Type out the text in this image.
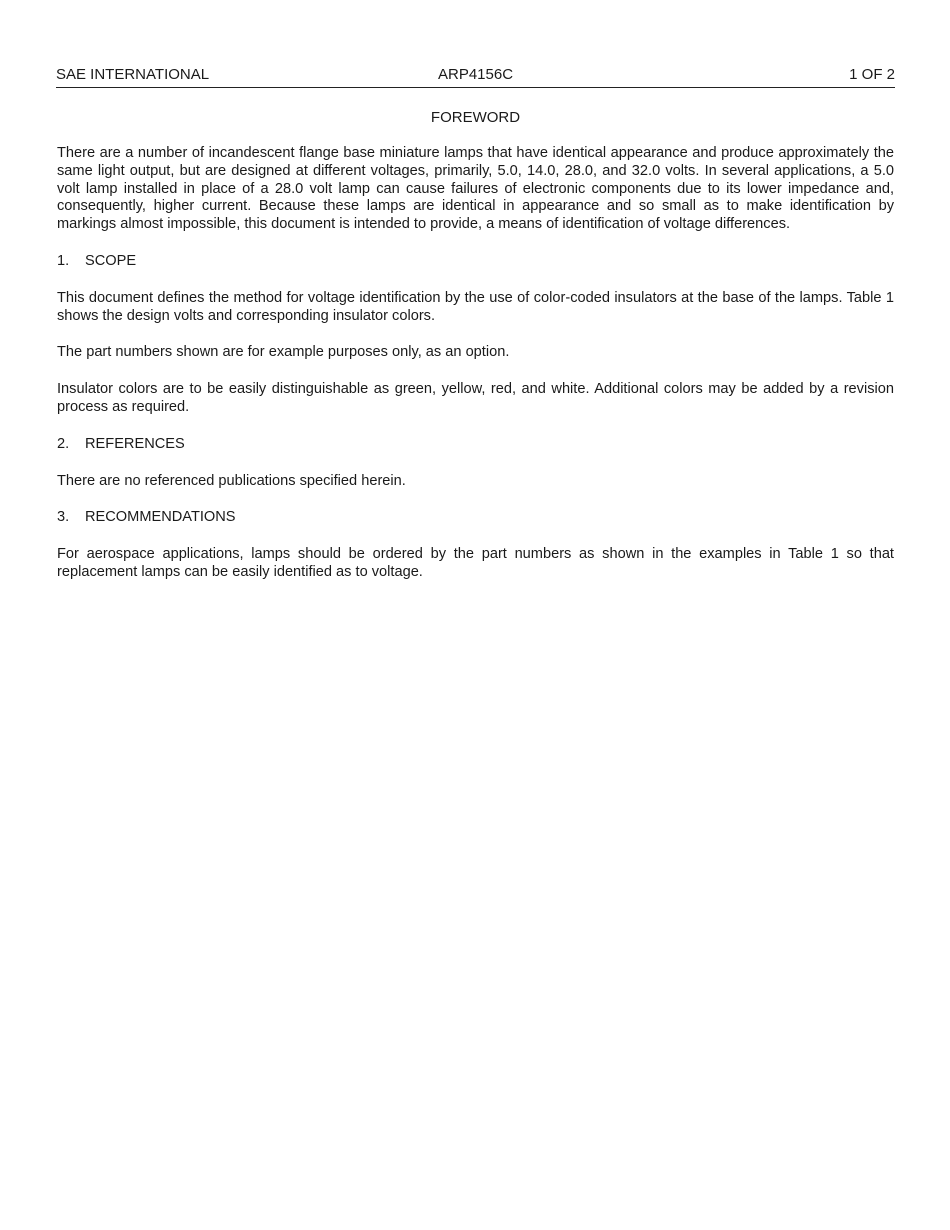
SAE INTERNATIONAL	ARP4156C	1 OF 2
FOREWORD

There are a number of incandescent flange base miniature lamps that have identical appearance and produce approximately the same light output, but are designed at different voltages, primarily, 5.0, 14.0, 28.0, and 32.0 volts. In several applications, a 5.0 volt lamp installed in place of a 28.0 volt lamp can cause failures of electronic components due to its lower impedance and, consequently, higher current. Because these lamps are identical in appearance and so small as to make identification by markings almost impossible, this document is intended to provide, a means of identification of voltage differences.

1. SCOPE

This document defines the method for voltage identification by the use of color-coded insulators at the base of the lamps. Table 1 shows the design volts and corresponding insulator colors.

The part numbers shown are for example purposes only, as an option.

Insulator colors are to be easily distinguishable as green, yellow, red, and white. Additional colors may be added by a revision process as required.

2. REFERENCES

There are no referenced publications specified herein.

3. RECOMMENDATIONS

For aerospace applications, lamps should be ordered by the part numbers as shown in the examples in Table 1 so that replacement lamps can be easily identified as to voltage.
